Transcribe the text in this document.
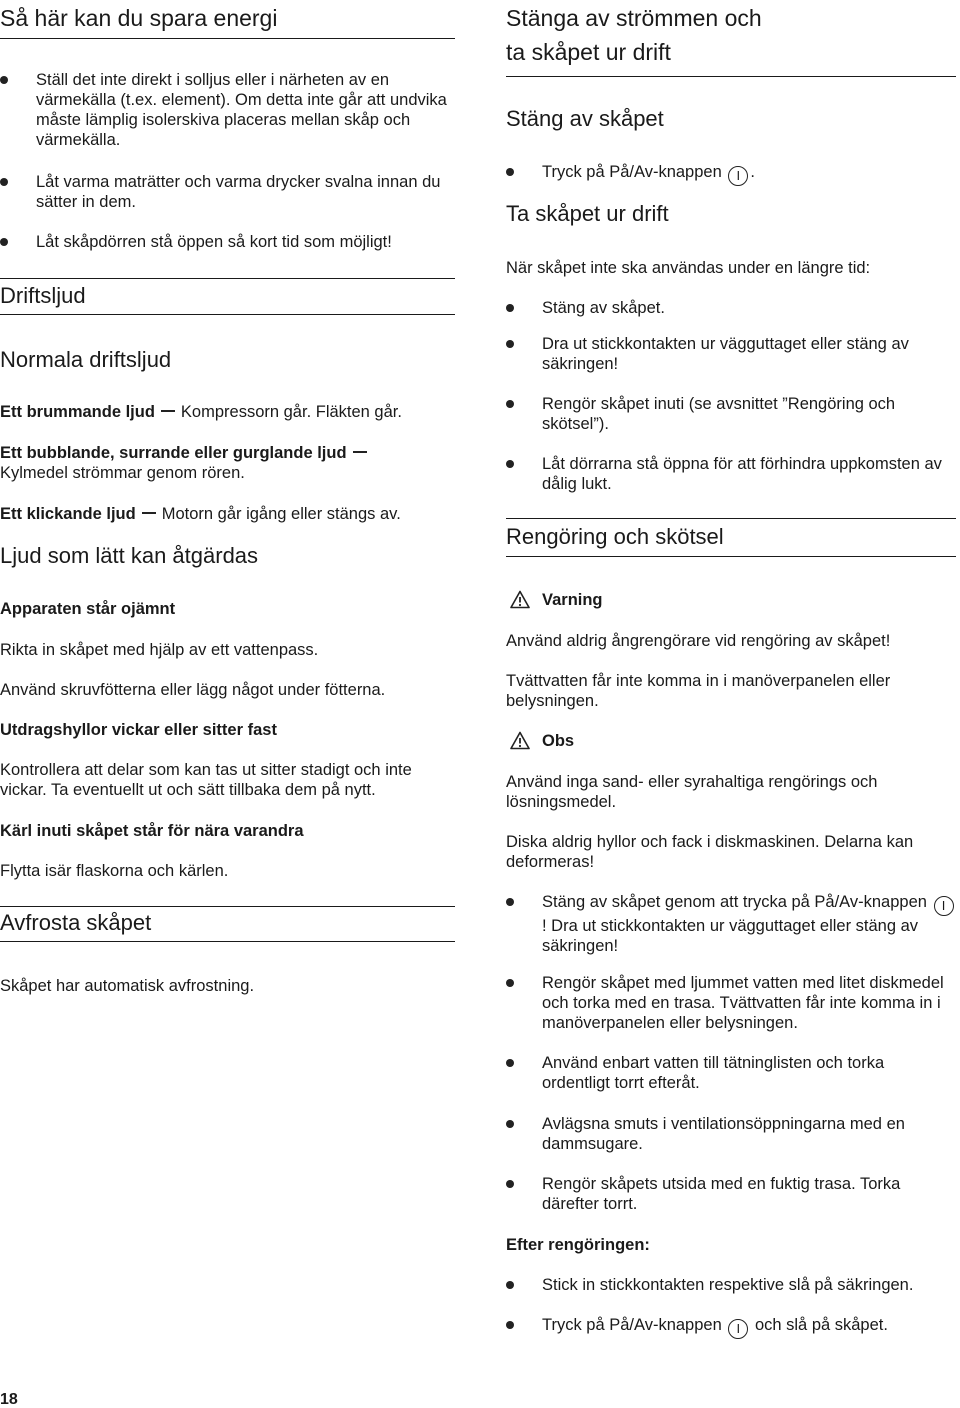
Så här kan du spara energi
Ställ det inte direkt i solljus eller i närheten av en värmekälla (t.ex. element). Om detta inte går att undvika måste lämplig isolerskiva placeras mellan skåp och värmekälla.
Låt varma maträtter och varma drycker svalna innan du sätter in dem.
Låt skåpdörren stå öppen så kort tid som möjligt!
Driftsljud
Normala driftsljud
Ett brummande ljud Kompressorn går. Fläkten går.
Ett bubblande, surrande eller gurglande ljud
Kylmedel strömmar genom rören.
Ett klickande ljud Motorn går igång eller stängs av.
Ljud som lätt kan åtgärdas
Apparaten står ojämnt
Rikta in skåpet med hjälp av ett vattenpass.
Använd skruvfötterna eller lägg något under fötterna.
Utdragshyllor vickar eller sitter fast
Kontrollera att delar som kan tas ut sitter stadigt och inte vickar. Ta eventuellt ut och sätt tillbaka dem på nytt.
Kärl inuti skåpet står för nära varandra
Flytta isär flaskorna och kärlen.
Avfrosta skåpet
Skåpet har automatisk avfrostning.
Stänga av strömmen och
ta skåpet ur drift
Stäng av skåpet
Tryck på På/Av-knappen I .
Ta skåpet ur drift
När skåpet inte ska användas under en längre tid:
Stäng av skåpet.
Dra ut stickkontakten ur vägguttaget eller stäng av säkringen!
Rengör skåpet inuti (se avsnittet ”Rengöring och skötsel”).
Låt dörrarna stå öppna för att förhindra uppkomsten av dålig lukt.
Rengöring och skötsel
Varning
Använd aldrig ångrengörare vid rengöring av skåpet!
Tvättvatten får inte komma in i manöverpanelen eller belysningen.
Obs
Använd inga sand- eller syrahaltiga rengörings och lösningsmedel.
Diska aldrig hyllor och fack i diskmaskinen. Delarna kan deformeras!
Stäng av skåpet genom att trycka på På/Av-knappen I! Dra ut stickkontakten ur vägguttaget eller stäng av säkringen!
Rengör skåpet med ljummet vatten med litet diskmedel och torka med en trasa. Tvättvatten får inte komma in i manöverpanelen eller belysningen.
Använd enbart vatten till tätninglisten och torka ordentligt torrt efteråt.
Avlägsna smuts i ventilationsöppningarna med en dammsugare.
Rengör skåpets utsida med en fuktig trasa. Torka därefter torrt.
Efter rengöringen:
Stick in stickkontakten respektive slå på säkringen.
Tryck på På/Av-knappen I och slå på skåpet.
18
